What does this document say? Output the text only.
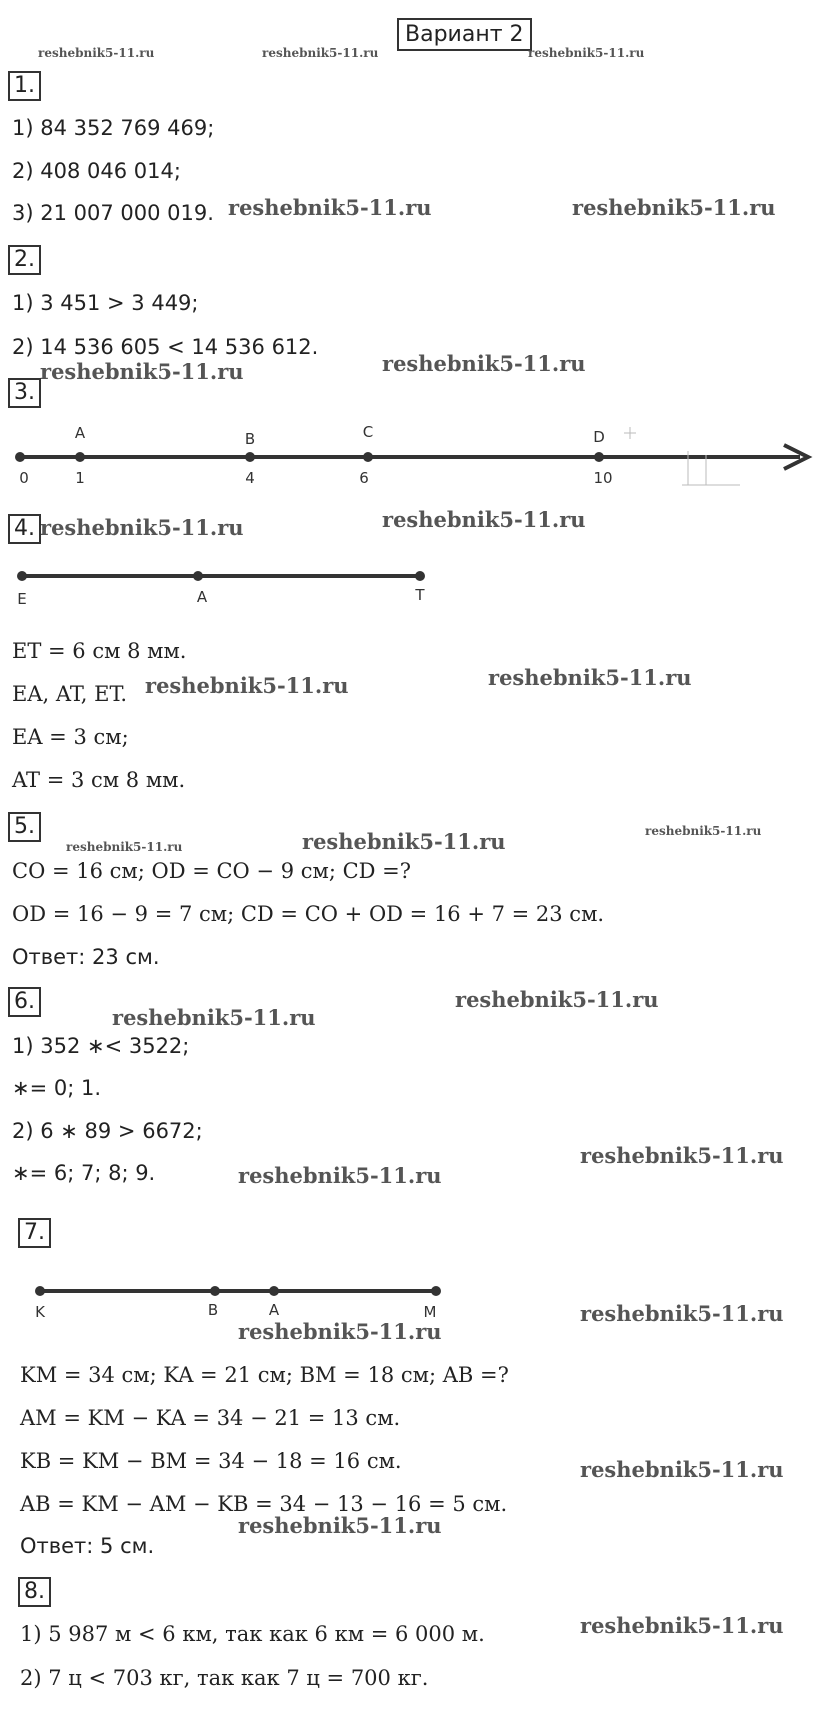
Вариант 2
reshebnik5-11.ru	reshebnik5-11.ru	reshebnik5-11.ru
reshebnik5-11.ru	reshebnik5-11.ru
reshebnik5-11.ru	reshebnik5-11.ru
reshebnik5-11.ru	reshebnik5-11.ru
reshebnik5-11.ru	reshebnik5-11.ru
reshebnik5-11.ru	reshebnik5-11.ru	reshebnik5-11.ru
reshebnik5-11.ru
reshebnik5-11.ru
reshebnik5-11.ru
reshebnik5-11.ru
reshebnik5-11.ru
reshebnik5-11.ru
reshebnik5-11.ru
reshebnik5-11.ru
reshebnik5-11.ru
1.
1) 84 352 769 469;
2) 408 046 014;
3) 21 007 000 019.
2.
1) 3 451 > 3 449;
2) 14 536 605 < 14 536 612.
3.
A	B	C	D
0	1	4	6	10
4.
E	A	T
ET = 6 см 8 мм.
EA, AT, ET.
EA = 3 см;
AT = 3 см 8 мм.
5.
CO = 16 см; OD = CO − 9 см; CD =?
OD = 16 − 9 = 7 см; CD = CO + OD = 16 + 7 = 23 см.
Ответ: 23 см.
6.
1) 352 ∗< 3522;
∗= 0; 1.
2) 6 ∗ 89 > 6672;
∗= 6; 7; 8; 9.
7.
K	B	A	M
KM = 34 см; KA = 21 см; BM = 18 см; AB =?
AM = KM − KA = 34 − 21 = 13 см.
KB = KM − BM = 34 − 18 = 16 см.
AB = KM − AM − KB = 34 − 13 − 16 = 5 см.
Ответ: 5 см.
8.
1) 5 987 м < 6 км, так как 6 км = 6 000 м.
2) 7 ц < 703 кг, так как 7 ц = 700 кг.
